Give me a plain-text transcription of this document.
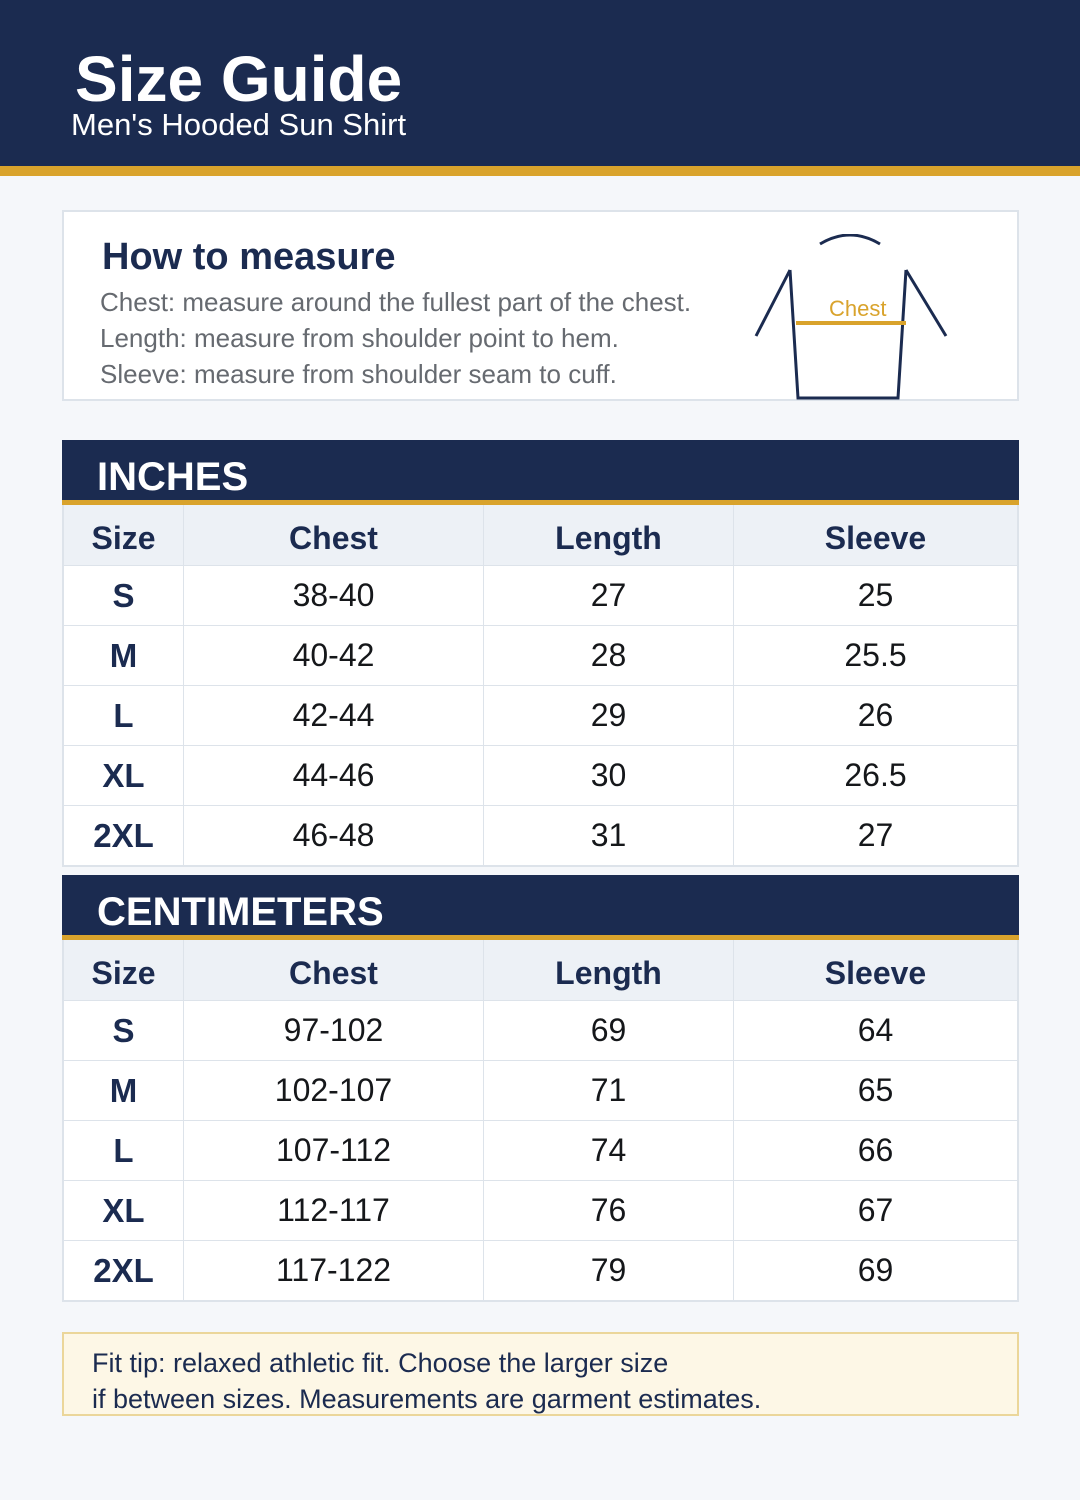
Size Guide
Men's Hooded Sun Shirt
How to measure
Chest: measure around the fullest part of the chest.
Length: measure from shoulder point to hem.
Sleeve: measure from shoulder seam to cuff.
Chest
INCHES
Size	Chest	Length	Sleeve
S	38-40	27	25
M	40-42	28	25.5
L	42-44	29	26
XL	44-46	30	26.5
2XL	46-48	31	27
CENTIMETERS
Size	Chest	Length	Sleeve
S	97-102	69	64
M	102-107	71	65
L	107-112	74	66
XL	112-117	76	67
2XL	117-122	79	69
Fit tip: relaxed athletic fit. Choose the larger size
if between sizes. Measurements are garment estimates.
